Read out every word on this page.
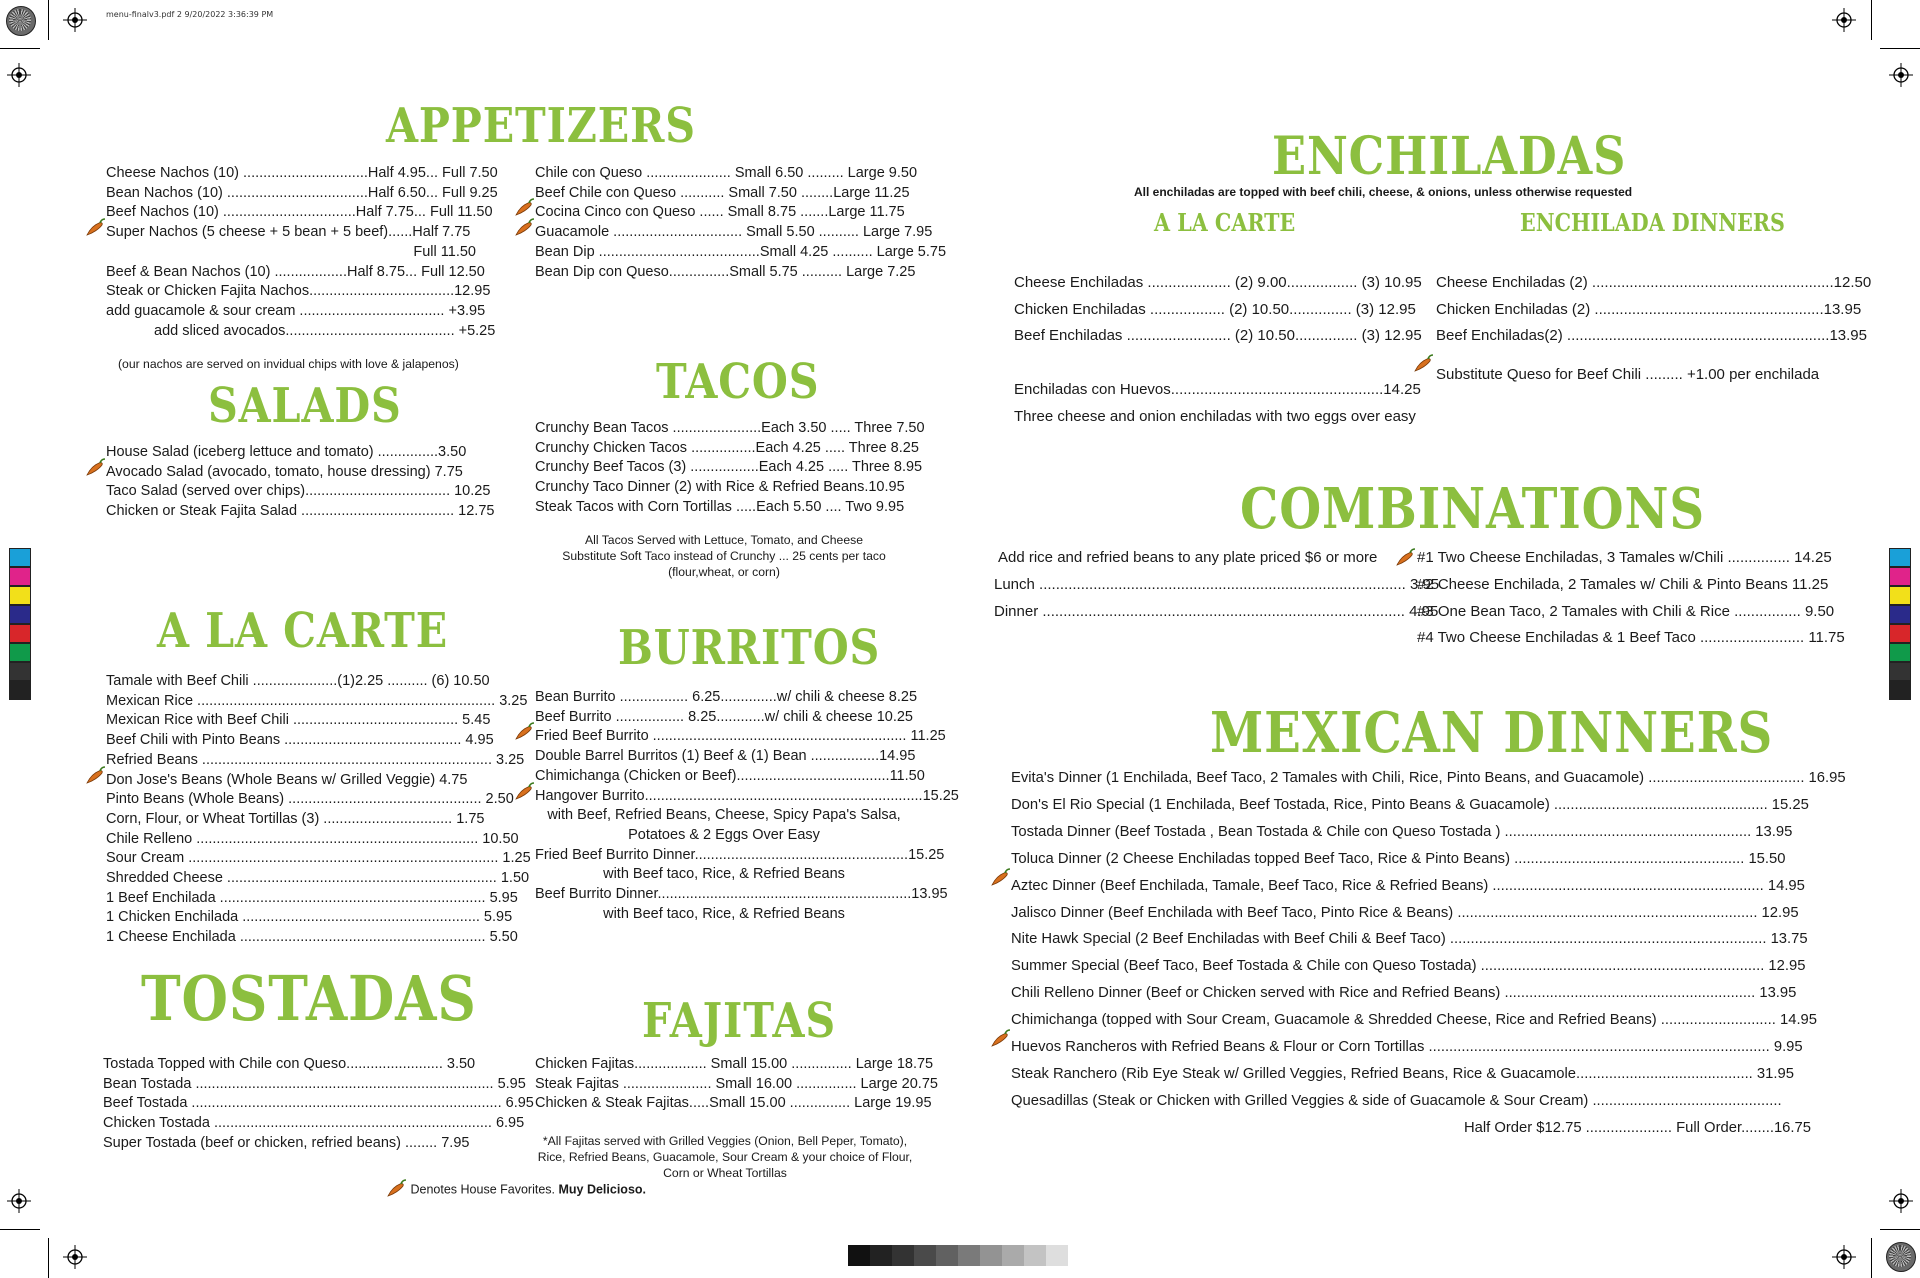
menu-finalv3.pdf 2 9/20/2022 3:36:39 PM
APPETIZERS
Cheese Nachos (10) ...............................Half 4.95... Full 7.50
Bean Nachos (10) ...................................Half 6.50... Full 9.25
Beef Nachos (10) .................................Half 7.75... Full 11.50
Super Nachos (5 cheese + 5 bean + 5 beef)......Half 7.75
Full 11.50
Beef & Bean Nachos (10) ..................Half 8.75... Full 12.50
Steak or Chicken Fajita Nachos....................................12.95
add guacamole & sour cream .................................... +3.95
add sliced avocados.......................................... +5.25
Chile con Queso ..................... Small 6.50 ......... Large 9.50
Beef Chile con Queso ........... Small 7.50 ........Large 11.25
Cocina Cinco con Queso ...... Small 8.75 .......Large 11.75
Guacamole ................................ Small 5.50 .......... Large 7.95
Bean Dip ........................................Small 4.25 .......... Large 5.75
Bean Dip con Queso...............Small 5.75 .......... Large 7.25
(our nachos are served on invidual chips with love & jalapenos)
SALADS
House Salad (iceberg lettuce and tomato) ...............3.50
Avocado Salad (avocado, tomato, house dressing) 7.75
Taco Salad (served over chips).................................... 10.25
Chicken or Steak Fajita Salad ...................................... 12.75
TACOS
Crunchy Bean Tacos ......................Each 3.50 ..... Three 7.50
Crunchy Chicken Tacos ................Each 4.25 ..... Three 8.25
Crunchy Beef Tacos (3) .................Each 4.25 ..... Three 8.95
Crunchy Taco Dinner (2) with Rice & Refried Beans.10.95
Steak Tacos with Corn Tortillas .....Each 5.50 .... Two 9.95
All Tacos Served with Lettuce, Tomato, and Cheese
Substitute Soft Taco instead of Crunchy ... 25 cents per taco
(flour,wheat, or corn)
A LA CARTE
Tamale with Beef Chili .....................(1)2.25 .......... (6) 10.50
Mexican Rice .......................................................................... 3.25
Mexican Rice with Beef Chili ......................................... 5.45
Beef Chili with Pinto Beans ............................................ 4.95
Refried Beans ........................................................................ 3.25
Don Jose's Beans (Whole Beans w/ Grilled Veggie) 4.75
Pinto Beans (Whole Beans) ................................................ 2.50
Corn, Flour, or Wheat Tortillas (3) ................................ 1.75
Chile Relleno ...................................................................... 10.50
Sour Cream ............................................................................. 1.25
Shredded Cheese ................................................................... 1.50
1 Beef Enchilada .................................................................. 5.95
1 Chicken Enchilada ........................................................... 5.95
1 Cheese Enchilada ............................................................. 5.50
BURRITOS
Bean Burrito ................. 6.25..............w/ chili & cheese 8.25
Beef Burrito ................. 8.25............w/ chili & cheese 10.25
Fried Beef Burrito ............................................................... 11.25
Double Barrel Burritos (1) Beef & (1) Bean .................14.95
Chimichanga (Chicken or Beef)......................................11.50
Hangover Burrito.....................................................................15.25
with Beef, Refried Beans, Cheese, Spicy Papa's Salsa,
Potatoes & 2 Eggs Over Easy
Fried Beef Burrito Dinner.....................................................15.25
with Beef taco, Rice, & Refried Beans
Beef Burrito Dinner...............................................................13.95
with Beef taco, Rice, & Refried Beans
TOSTADAS
Tostada Topped with Chile con Queso........................ 3.50
Bean Tostada .......................................................................... 5.95
Beef Tostada ............................................................................. 6.95
Chicken Tostada ..................................................................... 6.95
Super Tostada (beef or chicken, refried beans) ........ 7.95
FAJITAS
Chicken Fajitas.................. Small 15.00 ............... Large 18.75
Steak Fajitas ...................... Small 16.00 ............... Large 20.75
Chicken & Steak Fajitas.....Small 15.00 ............... Large 19.95
*All Fajitas served with Grilled Veggies (Onion, Bell Peper, Tomato),
Rice, Refried Beans, Guacamole, Sour Cream & your choice of Flour,
Corn or Wheat Tortillas
Denotes House Favorites. Muy Delicioso.
ENCHILADAS
All enchiladas are topped with beef chili, cheese, & onions, unless otherwise requested
A LA CARTE	ENCHILADA DINNERS
Cheese Enchiladas .................... (2) 9.00................. (3) 10.95
Chicken Enchiladas .................. (2) 10.50............... (3) 12.95
Beef Enchiladas ......................... (2) 10.50............... (3) 12.95
Enchiladas con Huevos...................................................14.25
Three cheese and onion enchiladas with two eggs over easy
Cheese Enchiladas (2) ..........................................................12.50
Chicken Enchiladas (2) .......................................................13.95
Beef Enchiladas(2) ...............................................................13.95
Substitute Queso for Beef Chili ......... +1.00 per enchilada
COMBINATIONS
Add rice and refried beans to any plate priced $6 or more
Lunch ........................................................................................ 3.95
Dinner ....................................................................................... 4.95
#1 Two Cheese Enchiladas, 3 Tamales w/Chili ............... 14.25
#2 Cheese Enchilada, 2 Tamales w/ Chili & Pinto Beans 11.25
#3 One Bean Taco, 2 Tamales with Chili & Rice ................ 9.50
#4 Two Cheese Enchiladas & 1 Beef Taco ......................... 11.75
MEXICAN DINNERS
Evita's Dinner (1 Enchilada, Beef Taco, 2 Tamales with Chili, Rice, Pinto Beans, and Guacamole) ...................................... 16.95
Don's El Rio Special (1 Enchilada, Beef Tostada, Rice, Pinto Beans & Guacamole) .................................................... 15.25
Tostada Dinner (Beef Tostada , Bean Tostada & Chile con Queso Tostada ) ............................................................ 13.95
Toluca Dinner (2 Cheese Enchiladas topped Beef Taco, Rice & Pinto Beans) ........................................................ 15.50
Aztec Dinner (Beef Enchilada, Tamale, Beef Taco, Rice & Refried Beans) .................................................................. 14.95
Jalisco Dinner (Beef Enchilada with Beef Taco, Pinto Rice & Beans) ......................................................................... 12.95
Nite Hawk Special (2 Beef Enchiladas with Beef Chili & Beef Taco) ............................................................................. 13.75
Summer Special (Beef Taco, Beef Tostada & Chile con Queso Tostada) ..................................................................... 12.95
Chili Relleno Dinner (Beef or Chicken served with Rice and Refried Beans) ............................................................. 13.95
Chimichanga (topped with Sour Cream, Guacamole & Shredded Cheese, Rice and Refried Beans) ............................ 14.95
Huevos Rancheros with Refried Beans & Flour or Corn Tortillas ................................................................................... 9.95
Steak Ranchero (Rib Eye Steak w/ Grilled Veggies, Refried Beans, Rice & Guacamole........................................... 31.95
Quesadillas (Steak or Chicken with Grilled Veggies & side of Guacamole & Sour Cream) ..............................................
Half Order $12.75 ..................... Full Order........16.75
